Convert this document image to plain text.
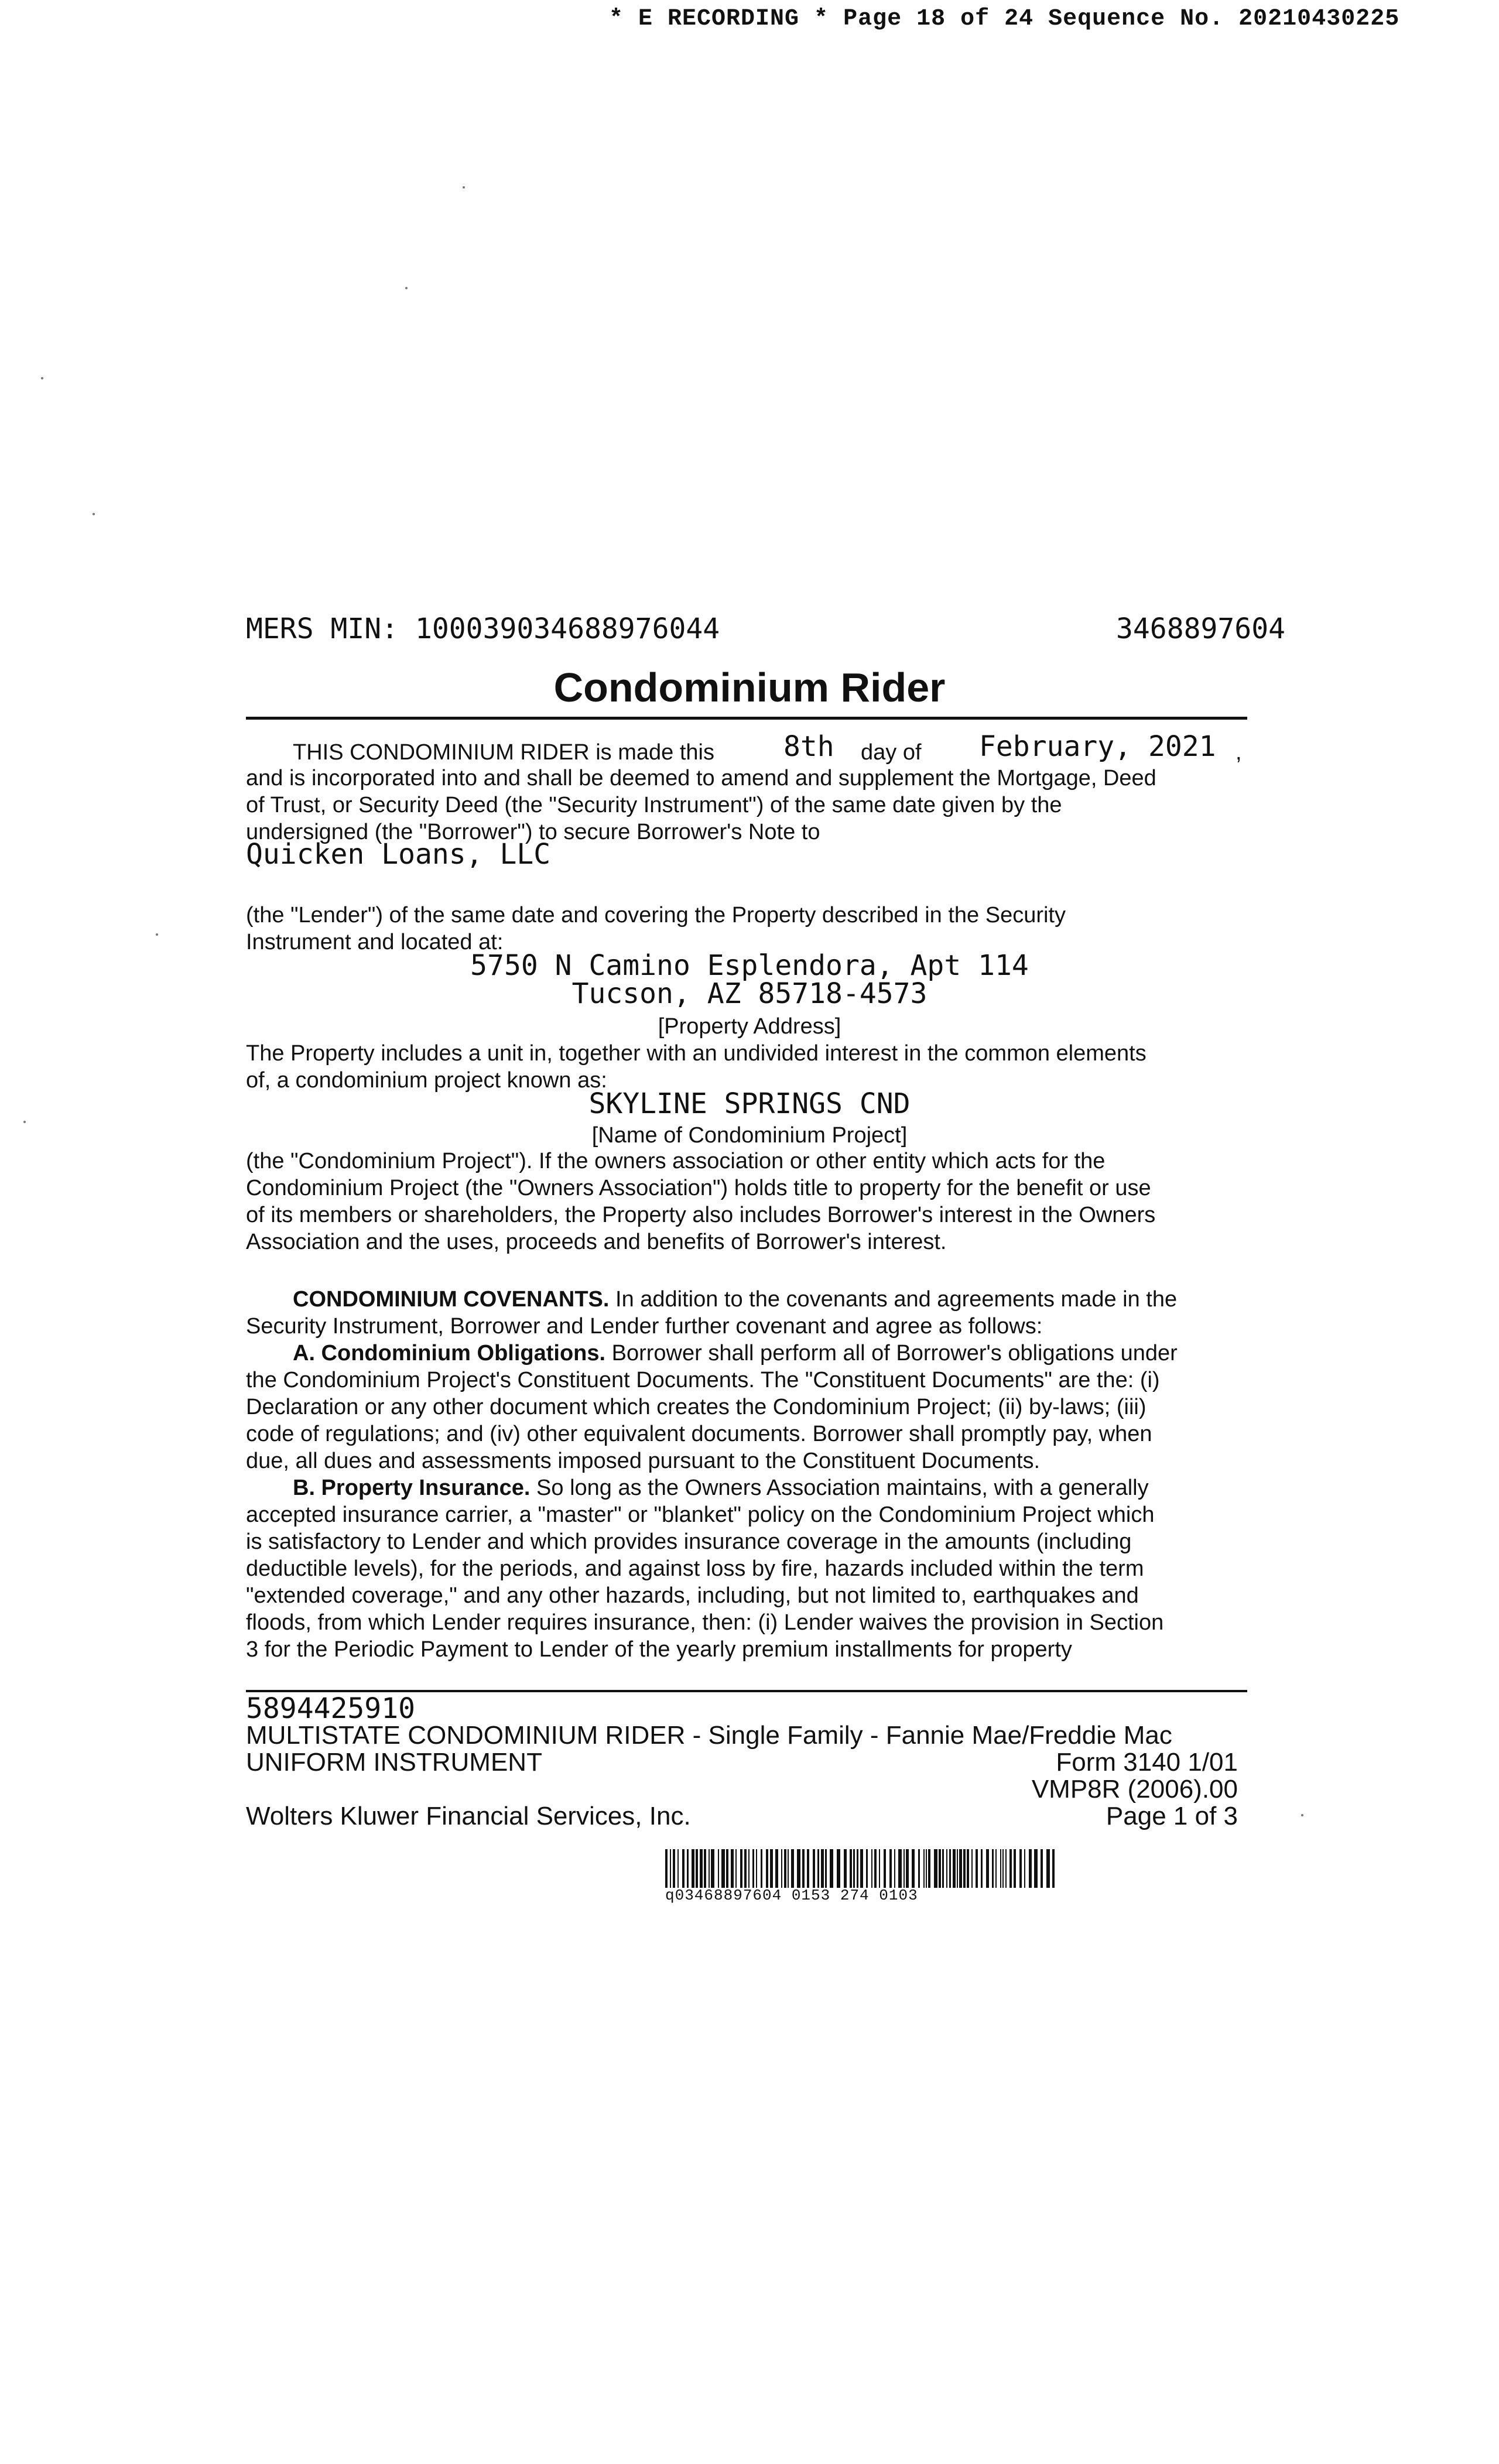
* E RECORDING * Page 18 of 24 Sequence No. 20210430225
MERS MIN: 100039034688976044	3468897604
Condominium Rider
THIS CONDOMINIUM RIDER is made this 8th day of February, 2021 ,
and is incorporated into and shall be deemed to amend and supplement the Mortgage, Deed
of Trust, or Security Deed (the "Security Instrument") of the same date given by the
undersigned (the "Borrower") to secure Borrower's Note to
Quicken Loans, LLC
(the "Lender") of the same date and covering the Property described in the Security
Instrument and located at:
5750 N Camino Esplendora, Apt 114
Tucson, AZ 85718-4573
[Property Address]
The Property includes a unit in, together with an undivided interest in the common elements
of, a condominium project known as:
SKYLINE SPRINGS CND
[Name of Condominium Project]
(the "Condominium Project"). If the owners association or other entity which acts for the
Condominium Project (the "Owners Association") holds title to property for the benefit or use
of its members or shareholders, the Property also includes Borrower's interest in the Owners
Association and the uses, proceeds and benefits of Borrower's interest.
CONDOMINIUM COVENANTS. In addition to the covenants and agreements made in the
Security Instrument, Borrower and Lender further covenant and agree as follows:
A. Condominium Obligations. Borrower shall perform all of Borrower's obligations under
the Condominium Project's Constituent Documents. The "Constituent Documents" are the: (i)
Declaration or any other document which creates the Condominium Project; (ii) by-laws; (iii)
code of regulations; and (iv) other equivalent documents. Borrower shall promptly pay, when
due, all dues and assessments imposed pursuant to the Constituent Documents.
B. Property Insurance. So long as the Owners Association maintains, with a generally
accepted insurance carrier, a "master" or "blanket" policy on the Condominium Project which
is satisfactory to Lender and which provides insurance coverage in the amounts (including
deductible levels), for the periods, and against loss by fire, hazards included within the term
"extended coverage," and any other hazards, including, but not limited to, earthquakes and
floods, from which Lender requires insurance, then: (i) Lender waives the provision in Section
3 for the Periodic Payment to Lender of the yearly premium installments for property
5894425910
MULTISTATE CONDOMINIUM RIDER - Single Family - Fannie Mae/Freddie Mac
UNIFORM INSTRUMENT	Form 3140 1/01
VMP8R (2006).00
Wolters Kluwer Financial Services, Inc.	Page 1 of 3
q03468897604 0153 274 0103
